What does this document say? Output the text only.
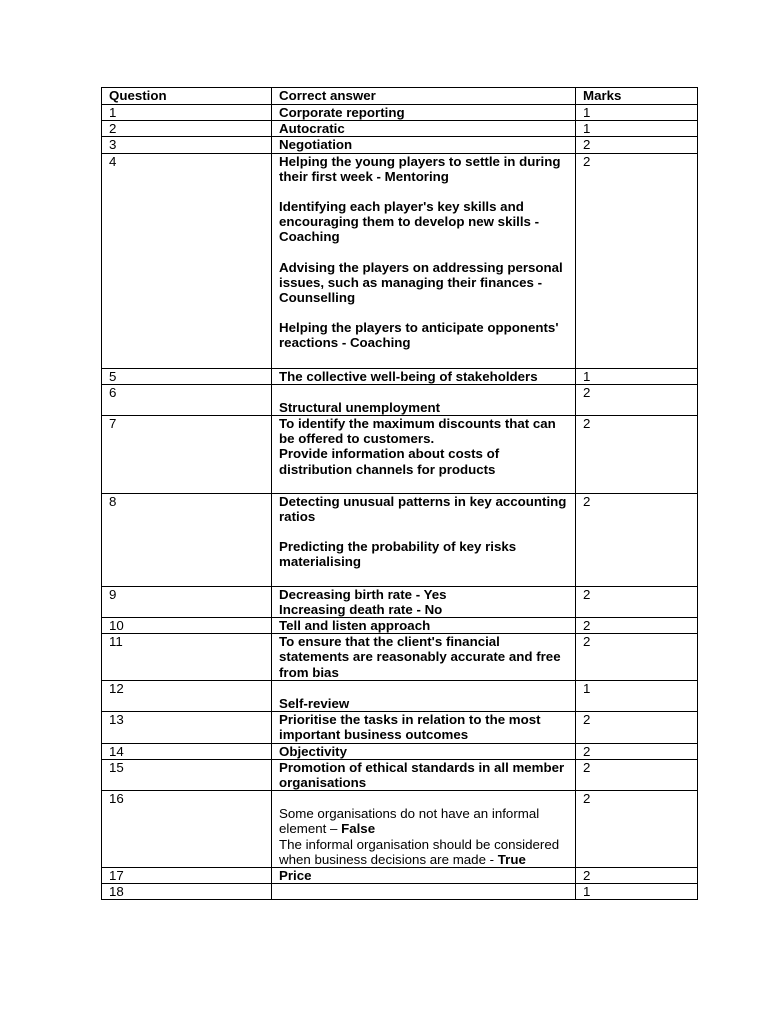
Question	Correct answer	Marks
1	Corporate reporting	1
2	Autocratic	1
3	Negotiation	2
4	Helping the young players to settle in during their first week - Mentoring
Identifying each player's key skills and encouraging them to develop new skills - Coaching
Advising the players on addressing personal issues, such as managing their finances - Counselling
Helping the players to anticipate opponents' reactions - Coaching	2
5	The collective well-being of stakeholders	1
6	Structural unemployment	2
7	To identify the maximum discounts that can be offered to customers.
Provide information about costs of distribution channels for products	2
8	Detecting unusual patterns in key accounting ratios
Predicting the probability of key risks materialising	2
9	Decreasing birth rate - Yes
Increasing death rate - No	2
10	Tell and listen approach	2
11	To ensure that the client's financial statements are reasonably accurate and free from bias	2
12	Self-review	1
13	Prioritise the tasks in relation to the most important business outcomes	2
14	Objectivity	2
15	Promotion of ethical standards in all member organisations	2
16	Some organisations do not have an informal element – False
The informal organisation should be considered when business decisions are made - True	2
17	Price	2
18		1
